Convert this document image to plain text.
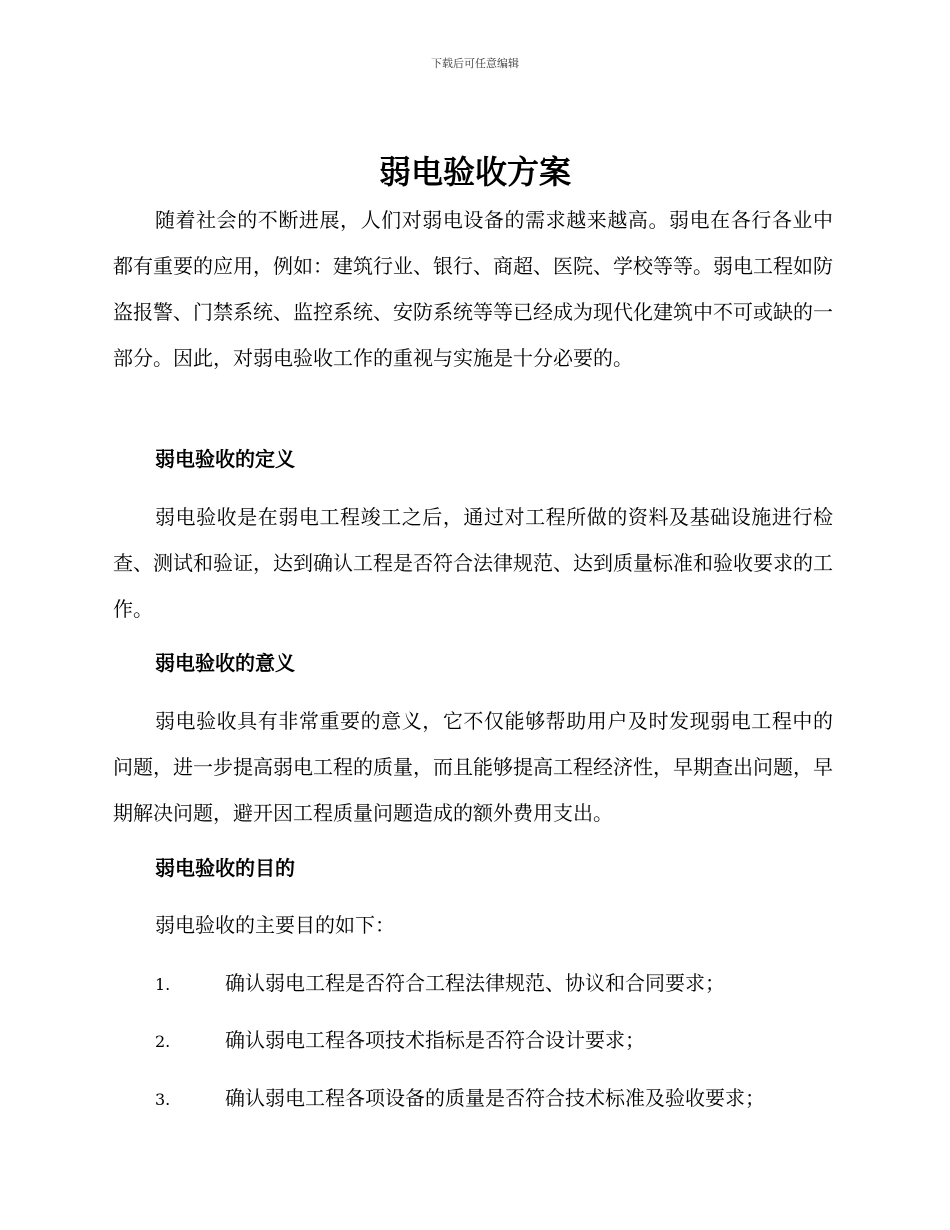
下载后可任意编辑
弱电验收方案

随着社会的不断进展，人们对弱电设备的需求越来越高。弱电在各行各业中都有重要的应用，例如：建筑行业、银行、商超、医院、学校等等。弱电工程如防盗报警、门禁系统、监控系统、安防系统等等已经成为现代化建筑中不可或缺的一部分。因此，对弱电验收工作的重视与实施是十分必要的。

弱电验收的定义

弱电验收是在弱电工程竣工之后，通过对工程所做的资料及基础设施进行检查、测试和验证，达到确认工程是否符合法律规范、达到质量标准和验收要求的工作。

弱电验收的意义

弱电验收具有非常重要的意义，它不仅能够帮助用户及时发现弱电工程中的问题，进一步提高弱电工程的质量，而且能够提高工程经济性，早期查出问题，早期解决问题，避开因工程质量问题造成的额外费用支出。

弱电验收的目的

弱电验收的主要目的如下：

1.	确认弱电工程是否符合工程法律规范、协议和合同要求；
2.	确认弱电工程各项技术指标是否符合设计要求；
3.	确认弱电工程各项设备的质量是否符合技术标准及验收要求；
